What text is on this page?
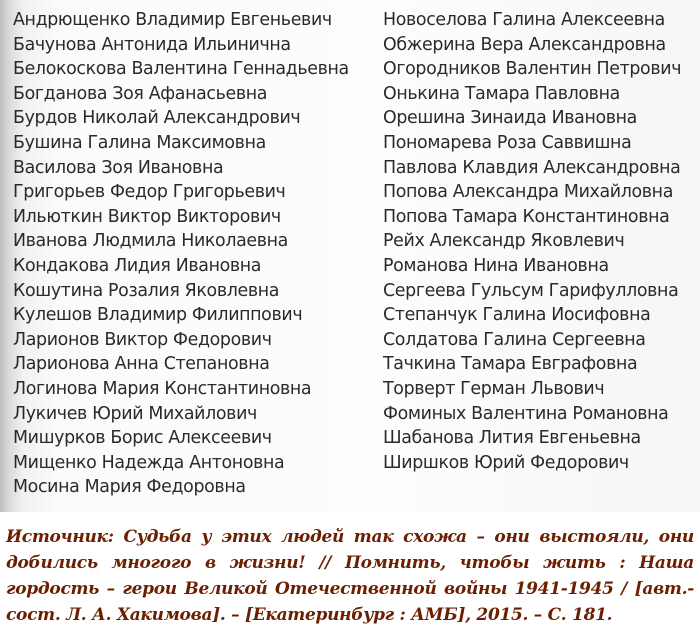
Андрющенко Владимир Евгеньевич
Бачунова Антонида Ильинична
Белокоскова Валентина Геннадьевна
Богданова Зоя Афанасьевна
Бурдов Николай Александрович
Бушина Галина Максимовна
Василова Зоя Ивановна
Григорьев Федор Григорьевич
Ильюткин Виктор Викторович
Иванова Людмила Николаевна
Кондакова Лидия Ивановна
Кошутина Розалия Яковлевна
Кулешов Владимир Филиппович
Ларионов Виктор Федорович
Ларионова Анна Степановна
Логинова Мария Константиновна
Лукичев Юрий Михайлович
Мишурков Борис Алексеевич
Мищенко Надежда Антоновна
Мосина Мария Федоровна
Новоселова Галина Алексеевна
Обжерина Вера Александровна
Огородников Валентин Петрович
Онькина Тамара Павловна
Орешина Зинаида Ивановна
Пономарева Роза Саввишна
Павлова Клавдия Александровна
Попова Александра Михайловна
Попова Тамара Константиновна
Рейх Александр Яковлевич
Романова Нина Ивановна
Сергеева Гульсум Гарифулловна
Степанчук Галина Иосифовна
Солдатова Галина Сергеевна
Тачкина Тамара Евграфовна
Торверт Герман Львович
Фоминых Валентина Романовна
Шабанова Лития Евгеньевна
Ширшков Юрий Федорович

Источник: Судьба у этих людей так схожа – они выстояли, они добились многого в жизни! // Помнить, чтобы жить : Наша гордость – герои Великой Отечественной войны 1941-1945 / [авт.-сост. Л. А. Хакимова]. – [Екатеринбург : АМБ], 2015. – С. 181.
